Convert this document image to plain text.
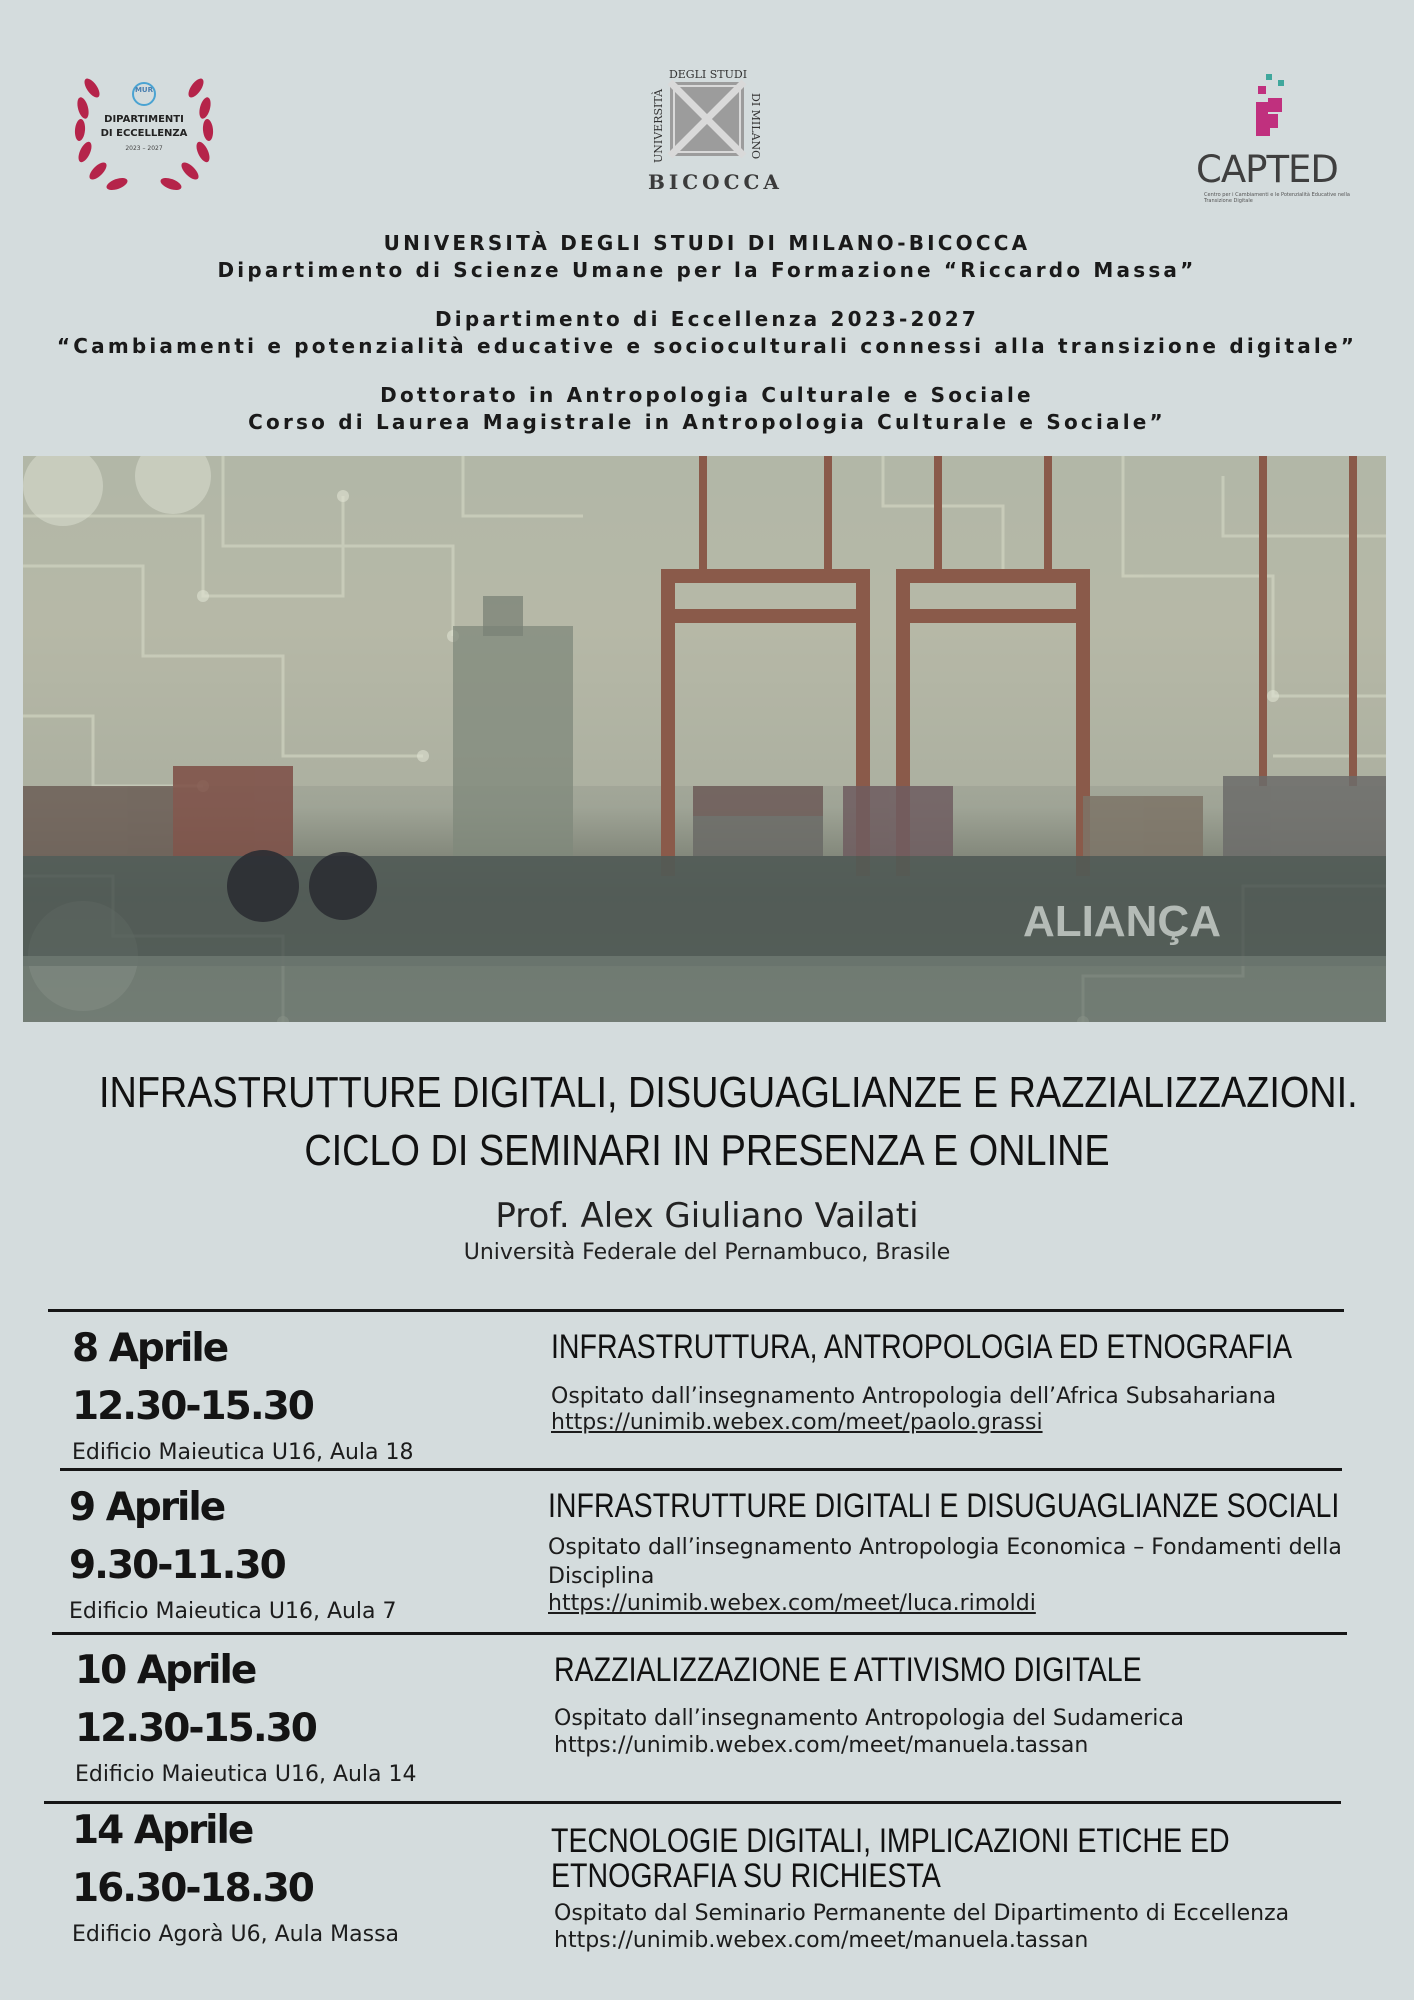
MUR
DIPARTIMENTI
DI ECCELLENZA
2023 – 2027	UNIVERSITÀ
DEGLI STUDI
DI MILANO
BICOCCA	CAPTED
Centro per i Cambiamenti e le Potenzialità Educative nella Transizione Digitale
UNIVERSITÀ DEGLI STUDI DI MILANO-BICOCCA
Dipartimento di Scienze Umane per la Formazione “Riccardo Massa”
Dipartimento di Eccellenza 2023-2027
“Cambiamenti e potenzialità educative e socioculturali connessi alla transizione digitale”
Dottorato in Antropologia Culturale e Sociale
Corso di Laurea Magistrale in Antropologia Culturale e Sociale”
ALIANÇA
INFRASTRUTTURE DIGITALI, DISUGUAGLIANZE E RAZZIALIZZAZIONI.
CICLO DI SEMINARI IN PRESENZA E ONLINE
Prof. Alex Giuliano Vailati
Università Federale del Pernambuco, Brasile
8 Aprile
12.30-15.30
Edificio Maieutica U16, Aula 18
INFRASTRUTTURA, ANTROPOLOGIA ED ETNOGRAFIA
Ospitato dall’insegnamento Antropologia dell’Africa Subsahariana
https://unimib.webex.com/meet/paolo.grassi
9 Aprile
9.30-11.30
Edificio Maieutica U16, Aula 7
INFRASTRUTTURE DIGITALI E DISUGUAGLIANZE SOCIALI
Ospitato dall’insegnamento Antropologia Economica – Fondamenti della
Disciplina
https://unimib.webex.com/meet/luca.rimoldi
10 Aprile
12.30-15.30
Edificio Maieutica U16, Aula 14
RAZZIALIZZAZIONE E ATTIVISMO DIGITALE
Ospitato dall’insegnamento Antropologia del Sudamerica
https://unimib.webex.com/meet/manuela.tassan
14 Aprile
16.30-18.30
Edificio Agorà U6, Aula Massa
TECNOLOGIE DIGITALI, IMPLICAZIONI ETICHE ED
ETNOGRAFIA SU RICHIESTA
Ospitato dal Seminario Permanente del Dipartimento di Eccellenza
https://unimib.webex.com/meet/manuela.tassan
